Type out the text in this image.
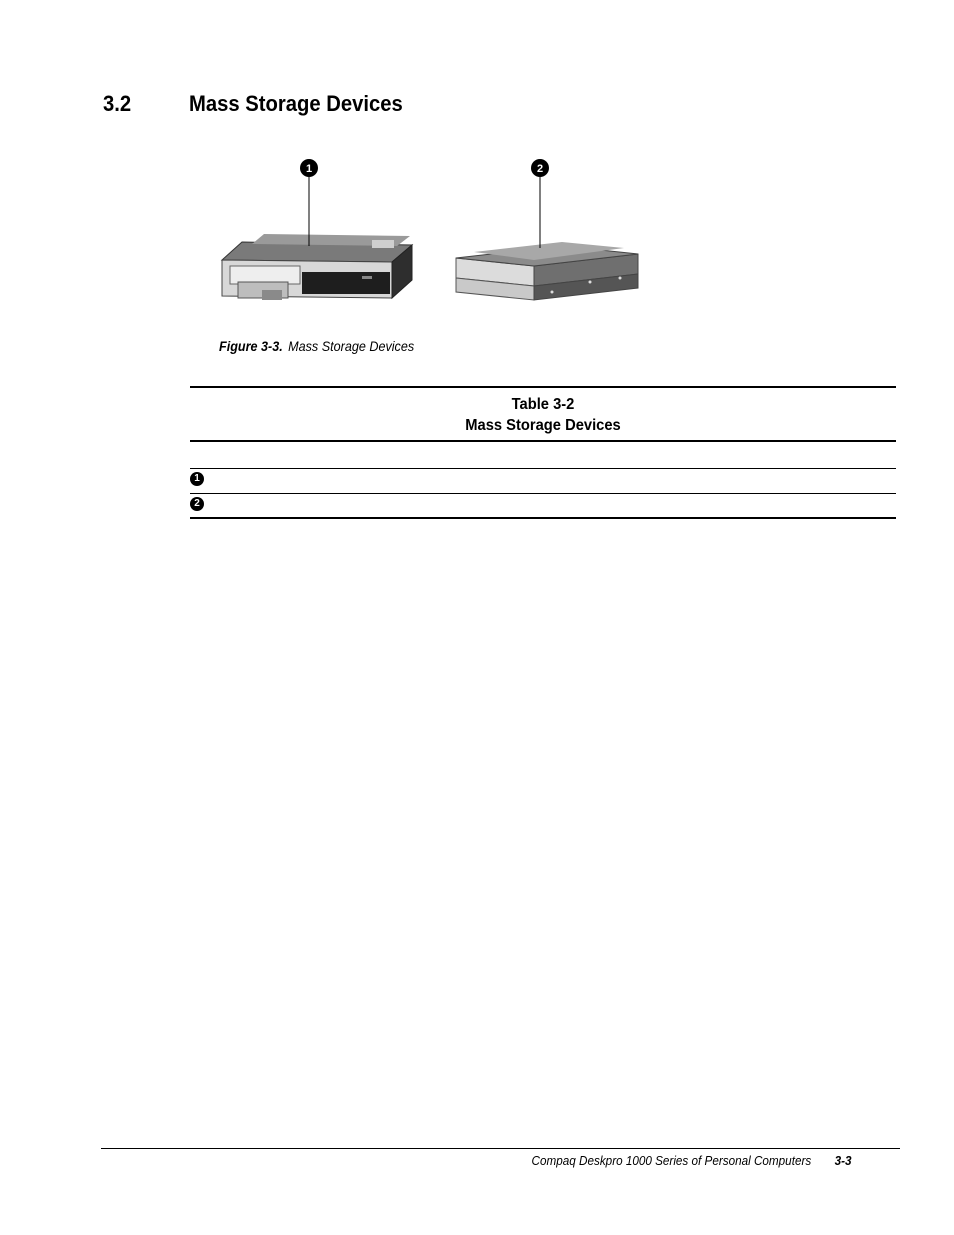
3.2	Mass Storage Devices
1	2
Figure 3-3. Mass Storage Devices
Table 3-2
Mass Storage Devices
1
2
Compaq Deskpro 1000 Series of Personal Computers 3-3
